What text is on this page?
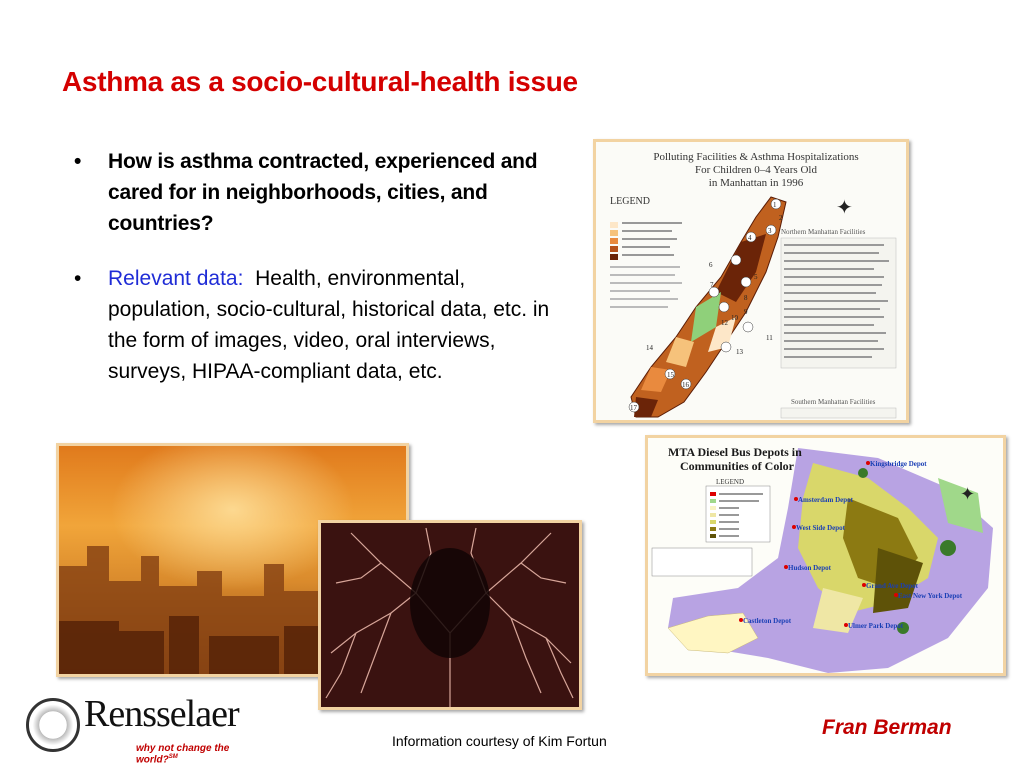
Asthma as a socio-cultural-health issue
• How is asthma contracted, experienced and cared for in neighborhoods, cities, and countries?
• Relevant data: Health, environmental, population, socio-cultural, historical data, etc. in the form of images, video, oral interviews, surveys, HIPAA-compliant data, etc.
Polluting Facilities & Asthma Hospitalizations
For Children 0–4 Years Old
in Manhattan in 1996
LEGEND	1
2
3
4
5
6
7
8
9
10
11
12
13
14
15
16
17
✦
Northern Manhattan Facilities
Southern Manhattan Facilities
MTA Diesel Bus Depots in
Communities of Color
LEGEND
✦
Kingsbridge Depot
Amsterdam Depot
West Side Depot
Hudson Depot
Castleton Depot
Grand Ave Depot
East New York Depot
Ulmer Park Depot
Rensselaer
why not change the world?℠
Information courtesy of Kim Fortun
Fran Berman
